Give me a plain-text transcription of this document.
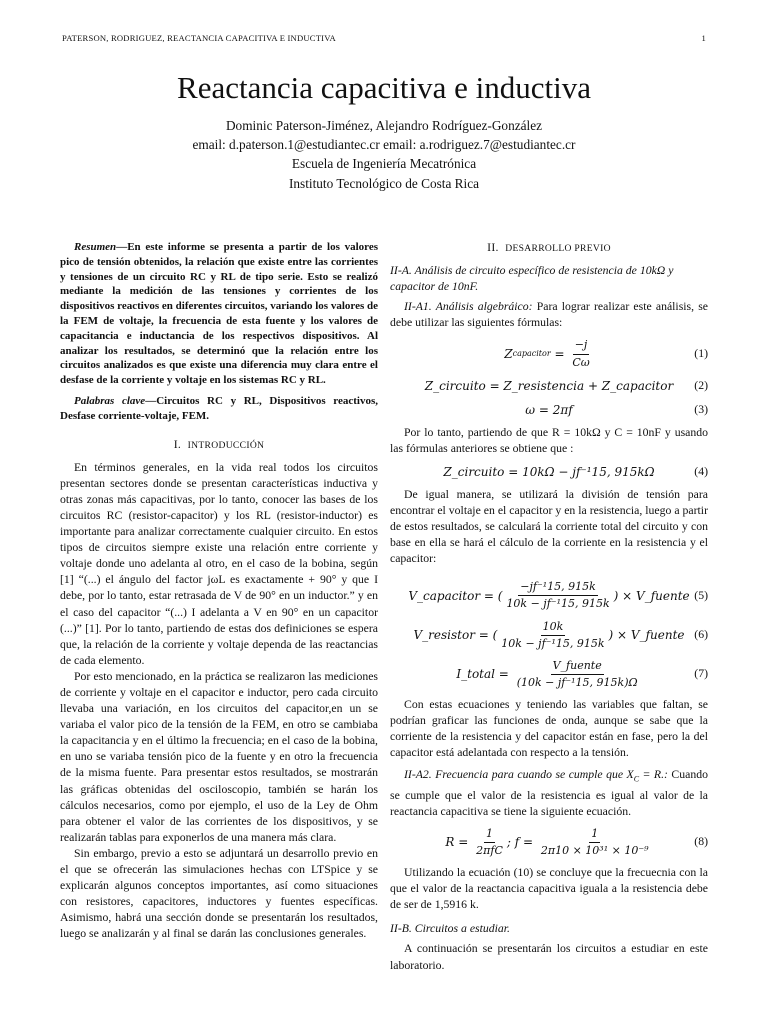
PATERSON, RODRIGUEZ, REACTANCIA CAPACITIVA E INDUCTIVA	1
Reactancia capacitiva e inductiva
Dominic Paterson-Jiménez, Alejandro Rodríguez-González
email: d.paterson.1@estudiantec.cr email: a.rodriguez.7@estudiantec.cr
Escuela de Ingeniería Mecatrónica
Instituto Tecnológico de Costa Rica

Resumen—En este informe se presenta a partir de los valores pico de tensión obtenidos, la relación que existe entre las corrientes y tensiones de un circuito RC y RL de tipo serie. Esto se realizó mediante la medición de las tensiones y corrientes de los dispositivos reactivos en diferentes circuitos, variando los valores de la FEM de voltaje, la frecuencia de esta fuente y los valores de capacitancia e inductancia de los respectivos dispositivos. Al analizar los resultados, se determinó que la relación entre los circuitos analizados es que existe una diferencia muy clara entre el desfase de la corriente y voltaje en los sistemas RC y RL.

Palabras clave—Circuitos RC y RL, Dispositivos reactivos, Desfase corriente-voltaje, FEM.

I. INTRODUCCIÓN

En términos generales, en la vida real todos los circuitos presentan sectores donde se presentan características inductiva y otras zonas más capacitivas, por lo tanto, conocer las bases de los circuitos RC (resistor-capacitor) y los RL (resistor-inductor) es importante para analizar correctamente cualquier circuito. En estos tipos de circuitos siempre existe una relación entre corriente y voltaje donde uno adelanta al otro, en el caso de la bobina, según [1] “(...) el ángulo del factor jωL es exactamente + 90° y que I debe, por lo tanto, estar retrasada de V de 90° en un inductor.” y en el caso del capacitor “(...) I adelanta a V en 90° en un capacitor (...)” [1]. Por lo tanto, partiendo de estas dos definiciones se espera que, la relación de la corriente y voltaje dependa de las reactancias de cada elemento.

Por esto mencionado, en la práctica se realizaron las mediciones de corriente y voltaje en el capacitor e inductor, pero cada circuito llevaba una variación, en los circuitos del capacitor,en un se variaba el valor pico de la tensión de la FEM, en otro se cambiaba la capacitancia y en el último la frecuencia; en el caso de la bobina, en uno se variaba tensión pico de la fuente y en otro la frecuencia de la misma fuente. Para presentar estos resultados, se mostrarán las gráficas obtenidas del osciloscopio, también se harán los cálculos necesarios, como por ejemplo, el uso de la Ley de Ohm para obtener el valor de las corrientes de los dispositivos, y se realizarán tablas para exponerlos de una manera más clara.

Sin embargo, previo a esto se adjuntará un desarrollo previo en el que se ofrecerán las simulaciones hechas con LTSpice y se explicarán algunos conceptos importantes, así como situaciones con resistores, capacitores, inductores y fuentes específicas. Asimismo, habrá una sección donde se presentarán los resultados, luego se analizarán y al final se darán las conclusiones generales.

II. DESARROLLO PREVIO
II-A. Análisis de circuito específico de resistencia de 10kΩ y capacitor de 10nF.

II-A1. Análisis algebráico: Para lograr realizar este análisis, se debe utilizar las siguientes fórmulas:

Z capacitor = $\frac{-j}{C\omega}$	(1)
Z_circuito = Z_resistencia + Z_capacitor (2)
ω = 2πf	(3)

Por lo tanto, partiendo de que R = 10kΩ y C = 10nF y usando las fórmulas anteriores se obtiene que :

Z_circuito = 10kΩ − jf⁻¹15, 915kΩ	(4)

De igual manera, se utilizará la división de tensión para encontrar el voltaje en el capacitor y en la resistencia, luego a partir de estos resultados, se calculará la corriente total del circuito y con base en ella se hará el cálculo de la corriente en la resistencia y el capacitor:

V_capacitor = ( $\frac{\text{−jf⁻¹15, 915k}}{\text{10k − jf⁻¹15, 915k}}$ ) × V_fuente (5)
V_resistor = ( $\frac{10k}{\text{10k − jf⁻¹15, 915k}}$ ) × V_fuente (6)
I_total =
$\frac{\text{V\_fuente}}{\text{(10k − jf⁻¹15, 915k)Ω}}$	(7)

Con estas ecuaciones y teniendo las variables que faltan, se podrían graficar las funciones de onda, aunque se sabe que la corriente de la resistencia y del capacitor están en fase, pero la del capacitor está adelantada con respecto a la tensión.

II-A2. Frecuencia para cuando se cumple que $X_C = R$.: Cuando se cumple que el valor de la resistencia es igual al valor de la reactancia capacitiva se tiene la siguiente ecuación.

R =
$\frac{1}{\text{2πfC}}$ ; f =
$\frac{1}{\text{2π10 × 10³¹ × 10⁻⁹}}$	(8)

Utilizando la ecuación (10) se concluye que la frecuecnia con la que el valor de la reactancia capacitiva iguala a la resistencia debe de ser de 1,5916 k.

II-B. Circuitos a estudiar.

A continuación se presentarán los circuitos a estudiar en este laboratorio.
